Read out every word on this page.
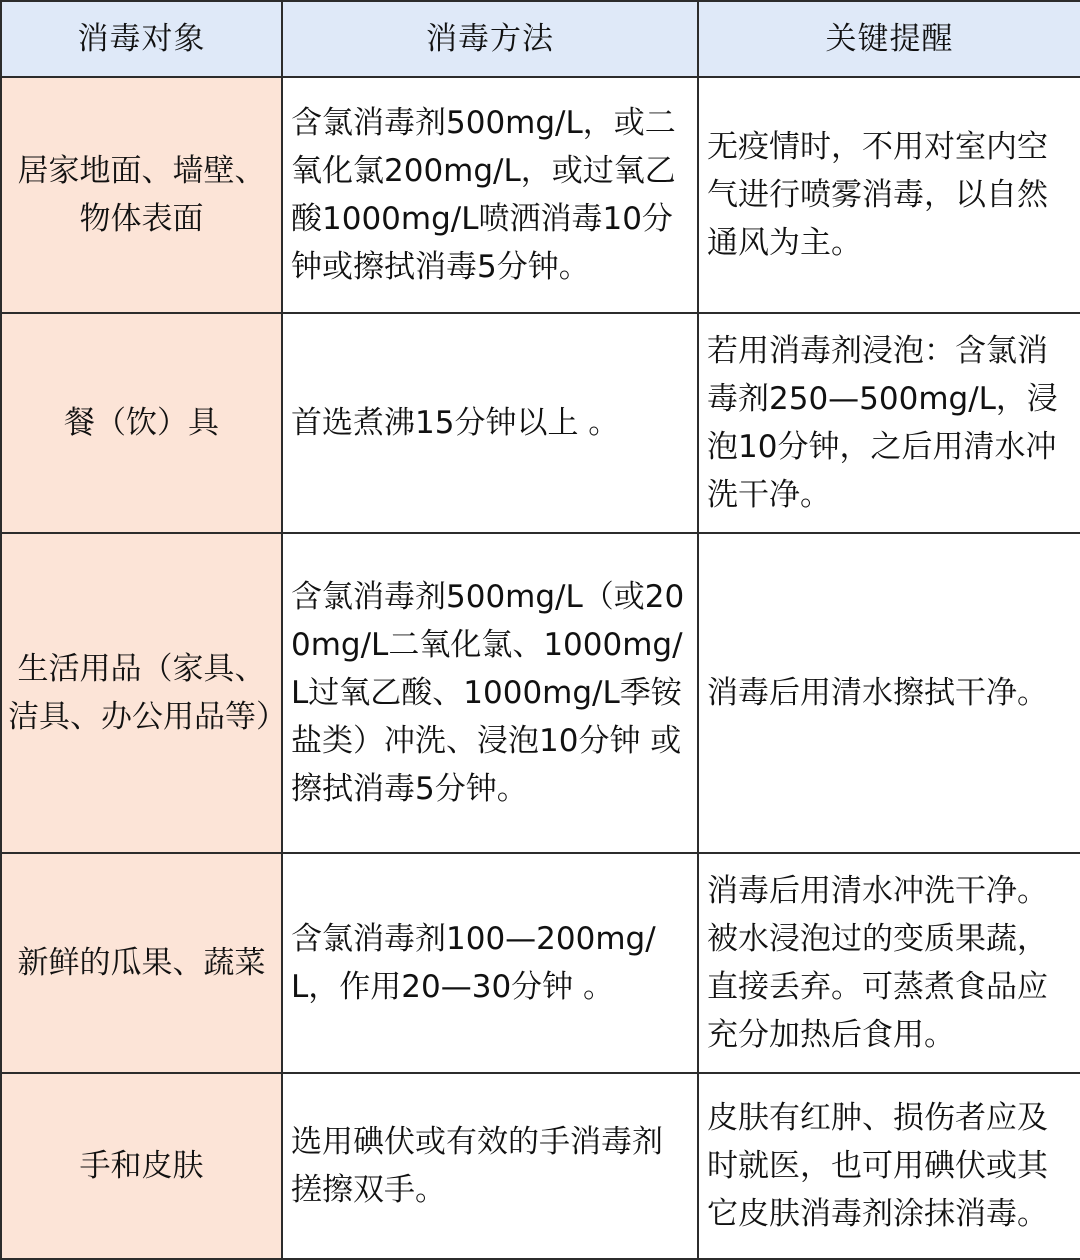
消毒对象	消毒方法	关键提醒
居家地面、墙壁、物体表面	含氯消毒剂500mg/L，或二氧化氯200mg/L，或过氧乙酸1000mg/L喷洒消毒10分钟或擦拭消毒5分钟。	无疫情时，不用对室内空气进行喷雾消毒，以自然通风为主。
餐（饮）具	首选煮沸15分钟以上 。	若用消毒剂浸泡：含氯消毒剂250—500mg/L，浸泡10分钟，之后用清水冲洗干净。
生活用品（家具、洁具、办公用品等）	含氯消毒剂500mg/L（或200mg/L二氧化氯、1000mg/L过氧乙酸、1000mg/L季铵盐类）冲洗、浸泡10分钟 或擦拭消毒5分钟。	消毒后用清水擦拭干净。
新鲜的瓜果、蔬菜	含氯消毒剂100—200mg/L，作用20—30分钟 。	消毒后用清水冲洗干净。被水浸泡过的变质果蔬，直接丢弃。可蒸煮食品应充分加热后食用。
手和皮肤	选用碘伏或有效的手消毒剂搓擦双手。	皮肤有红肿、损伤者应及时就医，也可用碘伏或其它皮肤消毒剂涂抹消毒。
